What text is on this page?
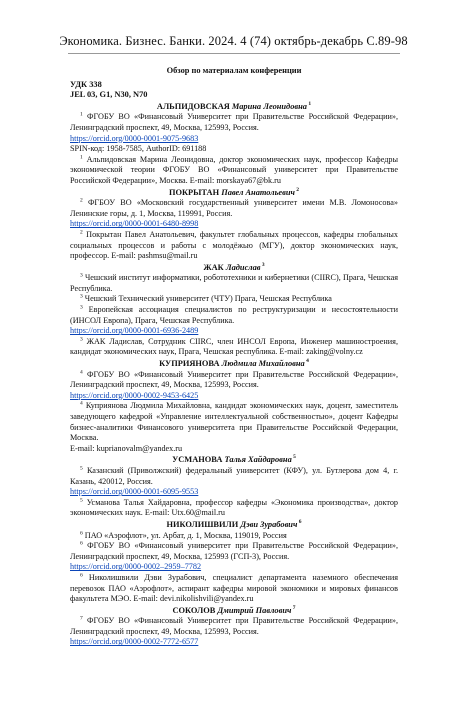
Экономика. Бизнес. Банки. 2024. 4 (74) октябрь-декабрь С.89-98
Обзор по материалам конференции
УДК 338
JEL 03, G1, N30, N70
АЛЬПИДОВСКАЯ Марина Леонидовна $^1$
$^1$ ФГОБУ ВО «Финансовый Университет при Правительстве Российской Федерации», Ленинградский проспект, 49, Москва, 125993, Россия.
https://orcid.org/0000-0001-9075-9683
SPIN-код: 1958-7585, AuthorID: 691188
$^1$ Альпидовская Марина Леонидовна, доктор экономических наук, профессор Кафедры экономической теории ФГОБУ ВО «Финансовый университет при Правительстве Российской Федерации», Москва. E-mail: morskaya67@bk.ru
ПОКРЫТАН Павел Анатольевич $^2$
$^2$ ФГБОУ ВО «Московский государственный университет имени М.В. Ломоносова» Ленинские горы, д. 1, Москва, 119991, Россия.
https://orcid.org/0000-0001-6480-8998
$^2$ Покрытан Павел Анатольевич, факультет глобальных процессов, кафедры глобальных социальных процессов и работы с молодёжью (МГУ), доктор экономических наук, профессор. E-mail: pashmsu@mail.ru
ЖАК Ладислав $^3$
$^3$ Чешский институт информатики, робототехники и кибернетики (CIIRC), Прага, Чешская Республика.
$^3$ Чешский Технический университет (ЧТУ) Прага, Чешская Республика
$^3$ Европейская ассоциация специалистов по реструктуризации и несостоятельности (ИНСОЛ Европа), Прага, Чешская Республика.
https://orcid.org/0000-0001-6936-2489
$^3$ ЖАК Ладислав, Сотрудник CIIRC, член ИНСОЛ Европа, Инженер машиностроения, кандидат экономических наук, Прага, Чешская республика. E-mail: zaking@volny.cz
КУПРИЯНОВА Людмила Михайловна $^4$
$^4$ ФГОБУ ВО «Финансовый Университет при Правительстве Российской Федерации», Ленинградский проспект, 49, Москва, 125993, Россия.
https://orcid.org/0000-0002-9453-6425
$^4$ Куприянова Людмила Михайловна, кандидат экономических наук, доцент, заместитель заведующего кафедрой «Управление интеллектуальной собственностью», доцент Кафедры бизнес-аналитики Финансового университета при Правительстве Российской Федерации, Москва.
E-mail: kuprianovalm@yandex.ru
УСМАНОВА Талья Хайдаровна $^5$
$^5$ Казанский (Приволжский) федеральный университет (КФУ), ул. Бутлерова дом 4, г. Казань, 420012, Россия.
https://orcid.org/0000-0001-6095-9553
$^5$ Усманова Талья Хайдаровна, профессор кафедры «Экономика производства», доктор экономических наук. E-mail: Utx.60@mail.ru
НИКОЛИШВИЛИ Дэви Зурабович $^6$
$^6$ ПАО «Аэрофлот», ул. Арбат, д. 1, Москва, 119019, Россия
$^6$ ФГОБУ ВО «Финансовый университет при Правительстве Российской Федерации», Ленинградский проспект, 49, Москва, 125993 (ГСП-3), Россия.
https://orcid.org/0000-0002–2959–7782
$^6$ Николишвили Дэви Зурабович, специалист департамента наземного обеспечения перевозок ПАО «Аэрофлот», аспирант кафедры мировой экономики и мировых финансов факультета МЭО. E-mail: devi.nikolishvili@yandex.ru
СОКОЛОВ Дмитрий Павлович $^7$
$^7$ ФГОБУ ВО «Финансовый Университет при Правительстве Российской Федерации», Ленинградский проспект, 49, Москва, 125993, Россия.
https://orcid.org/0000-0002-7772-6577
